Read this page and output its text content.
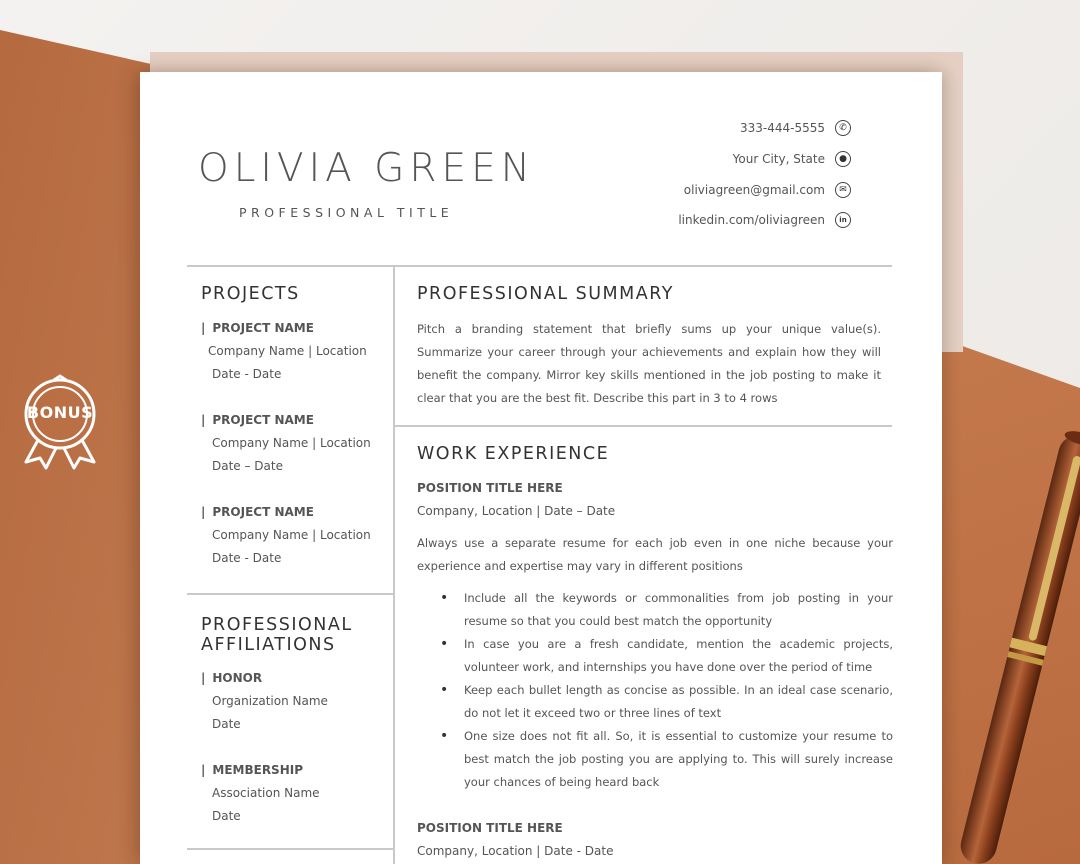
BONUS
OLIVIA GREEN
PROFESSIONAL TITLE
333-444-5555	✆
Your City, State	●
oliviagreen@gmail.com	✉
linkedin.com/oliviagreen	in
PROJECTS
| PROJECT NAME
Company Name | Location
Date - Date
| PROJECT NAME
Company Name | Location
Date – Date
| PROJECT NAME
Company Name | Location
Date - Date
PROFESSIONAL
AFFILIATIONS
| HONOR
Organization Name
Date
| MEMBERSHIP
Association Name
Date
PROFESSIONAL SUMMARY
Pitch a branding statement that briefly sums up your unique value(s). Summarize your career through your achievements and explain how they will benefit the company. Mirror key skills mentioned in the job posting to make it clear that you are the best fit. Describe this part in 3 to 4 rows
WORK EXPERIENCE
POSITION TITLE HERE
Company, Location | Date – Date
Always use a separate resume for each job even in one niche because your experience and expertise may vary in different positions
• Include all the keywords or commonalities from job posting in your resume so that you could best match the opportunity
• In case you are a fresh candidate, mention the academic projects, volunteer work, and internships you have done over the period of time
• Keep each bullet length as concise as possible. In an ideal case scenario, do not let it exceed two or three lines of text
• One size does not fit all. So, it is essential to customize your resume to best match the job posting you are applying to. This will surely increase your chances of being heard back
POSITION TITLE HERE
Company, Location | Date - Date
